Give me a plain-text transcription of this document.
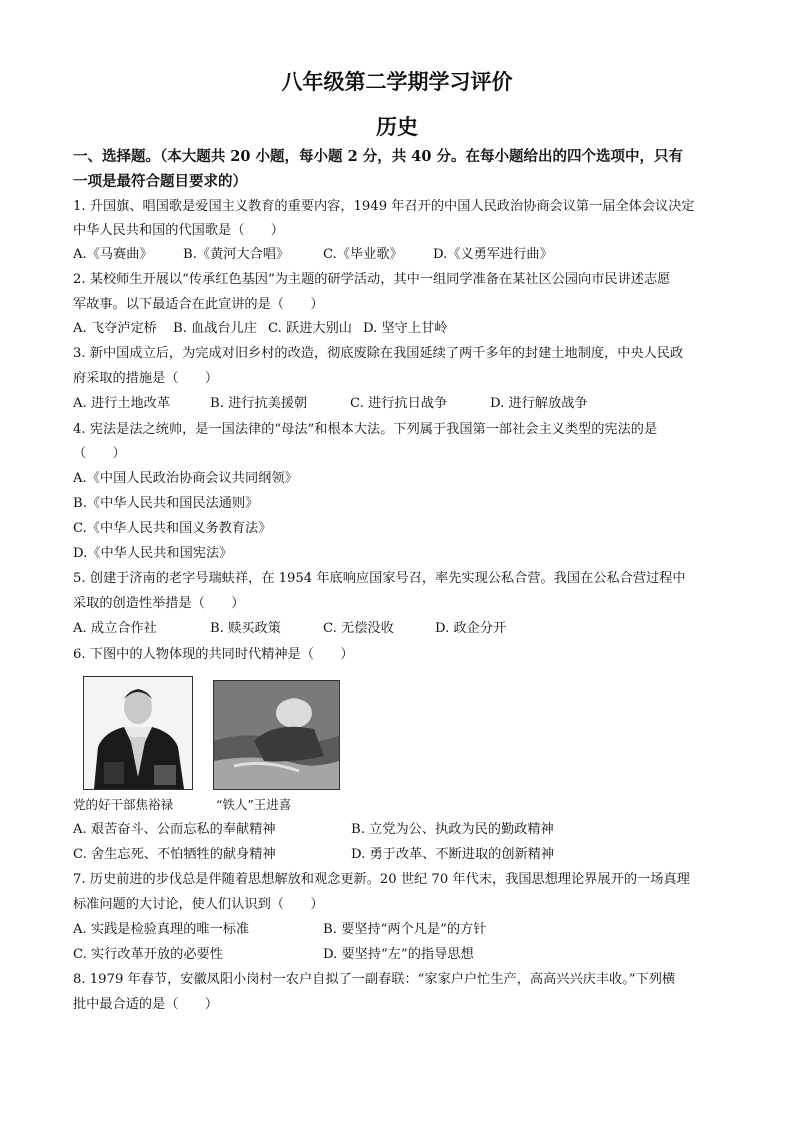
八年级第二学期学习评价
历史
一、选择题。（本大题共 20 小题，每小题 2 分，共 40 分。在每小题给出的四个选项中，只有
一项是最符合题目要求的）
1. 升国旗、唱国歌是爱国主义教育的重要内容，1949 年召开的中国人民政治协商会议第一届全体会议决定
中华人民共和国的代国歌是（　　）
A.《马赛曲》 B.《黄河大合唱》	C.《毕业歌》 D.《义勇军进行曲》
2. 某校师生开展以“传承红色基因”为主题的研学活动，其中一组同学准备在某社区公园向市民讲述志愿
军故事。以下最适合在此宣讲的是（　　）
A. 飞夺泸定桥 B. 血战台儿庄 C. 跃进大别山 D. 坚守上甘岭
3. 新中国成立后，为完成对旧乡村的改造，彻底废除在我国延续了两千多年的封建土地制度，中央人民政
府采取的措施是（　　）
A. 进行土地改革	B. 进行抗美援朝	C. 进行抗日战争	D. 进行解放战争
4. 宪法是法之统帅，是一国法律的“母法”和根本大法。下列属于我国第一部社会主义类型的宪法的是
（　　）
A.《中国人民政治协商会议共同纲领》
B.《中华人民共和国民法通则》
C.《中华人民共和国义务教育法》
D.《中华人民共和国宪法》
5. 创建于济南的老字号瑞蚨祥，在 1954 年底响应国家号召，率先实现公私合营。我国在公私合营过程中
采取的创造性举措是（　　）
A. 成立合作社	B. 赎买政策	C. 无偿没收	D. 政企分开
6. 下图中的人物体现的共同时代精神是（　　）
党的好干部焦裕禄	“铁人”王进喜
A. 艰苦奋斗、公而忘私的奉献精神	B. 立党为公、执政为民的勤政精神
C. 舍生忘死、不怕牺牲的献身精神	D. 勇于改革、不断进取的创新精神
7. 历史前进的步伐总是伴随着思想解放和观念更新。20 世纪 70 年代末，我国思想理论界展开的一场真理
标准问题的大讨论，使人们认识到（　　）
A. 实践是检验真理的唯一标准	B. 要坚持“两个凡是”的方针
C. 实行改革开放的必要性	D. 要坚持“左”的指导思想
8. 1979 年春节，安徽凤阳小岗村一农户自拟了一副春联：“家家户户忙生产，高高兴兴庆丰收。”下列横
批中最合适的是（　　）
